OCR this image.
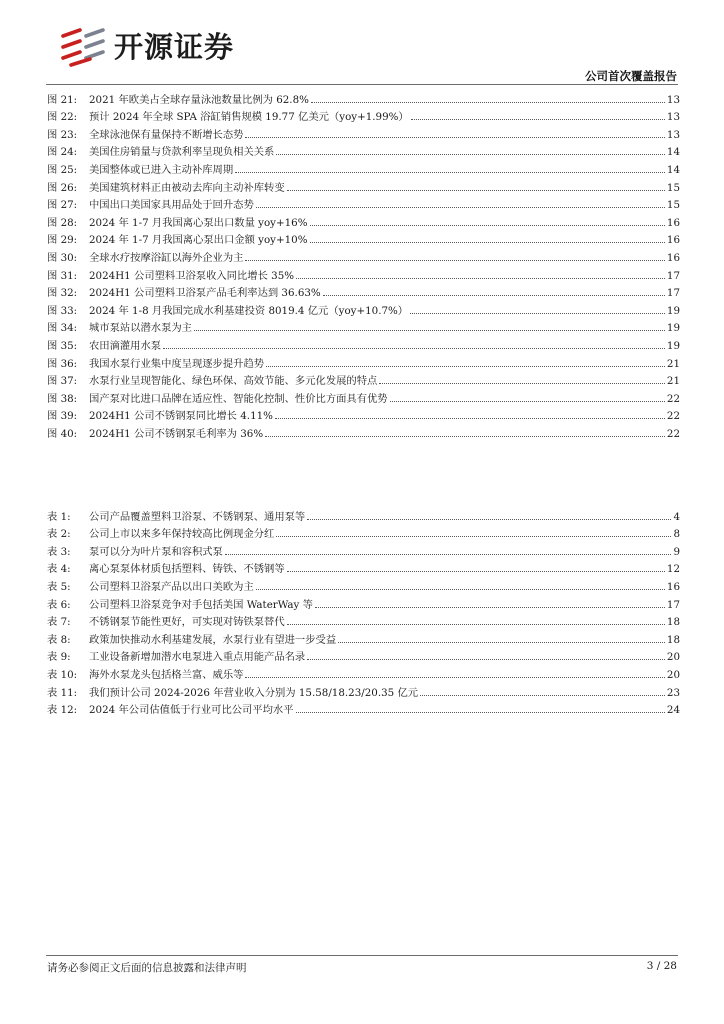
开源证券
公司首次覆盖报告
图 21:	2021 年欧美占全球存量泳池数量比例为 62.8%	13
图 22:	预计 2024 年全球 SPA 浴缸销售规模 19.77 亿美元（yoy+1.99%）	13
图 23:	全球泳池保有量保持不断增长态势	13
图 24:	美国住房销量与贷款利率呈现负相关关系	14
图 25:	美国整体或已进入主动补库周期	14
图 26:	美国建筑材料正由被动去库向主动补库转变	15
图 27:	中国出口美国家具用品处于回升态势	15
图 28:	2024 年 1-7 月我国离心泵出口数量 yoy+16%	16
图 29:	2024 年 1-7 月我国离心泵出口金额 yoy+10%	16
图 30:	全球水疗按摩浴缸以海外企业为主	16
图 31:	2024H1 公司塑料卫浴泵收入同比增长 35%	17
图 32:	2024H1 公司塑料卫浴泵产品毛利率达到 36.63%	17
图 33:	2024 年 1-8 月我国完成水利基建投资 8019.4 亿元（yoy+10.7%）	19
图 34:	城市泵站以潜水泵为主	19
图 35:	农田滴灌用水泵	19
图 36:	我国水泵行业集中度呈现逐步提升趋势	21
图 37:	水泵行业呈现智能化、绿色环保、高效节能、多元化发展的特点	21
图 38:	国产泵对比进口品牌在适应性、智能化控制、性价比方面具有优势	22
图 39:	2024H1 公司不锈钢泵同比增长 4.11%	22
图 40:	2024H1 公司不锈钢泵毛利率为 36%	22
表 1:	公司产品覆盖塑料卫浴泵、不锈钢泵、通用泵等	4
表 2:	公司上市以来多年保持较高比例现金分红	8
表 3:	泵可以分为叶片泵和容积式泵	9
表 4:	离心泵泵体材质包括塑料、铸铁、不锈钢等	12
表 5:	公司塑料卫浴泵产品以出口美欧为主	16
表 6:	公司塑料卫浴泵竞争对手包括美国 WaterWay 等	17
表 7:	不锈钢泵节能性更好，可实现对铸铁泵替代	18
表 8:	政策加快推动水利基建发展，水泵行业有望进一步受益	18
表 9:	工业设备新增加潜水电泵进入重点用能产品名录	20
表 10:	海外水泵龙头包括格兰富、威乐等	20
表 11:	我们预计公司 2024-2026 年营业收入分别为 15.58/18.23/20.35 亿元	23
表 12:	2024 年公司估值低于行业可比公司平均水平	24
请务必参阅正文后面的信息披露和法律声明	3 / 28
